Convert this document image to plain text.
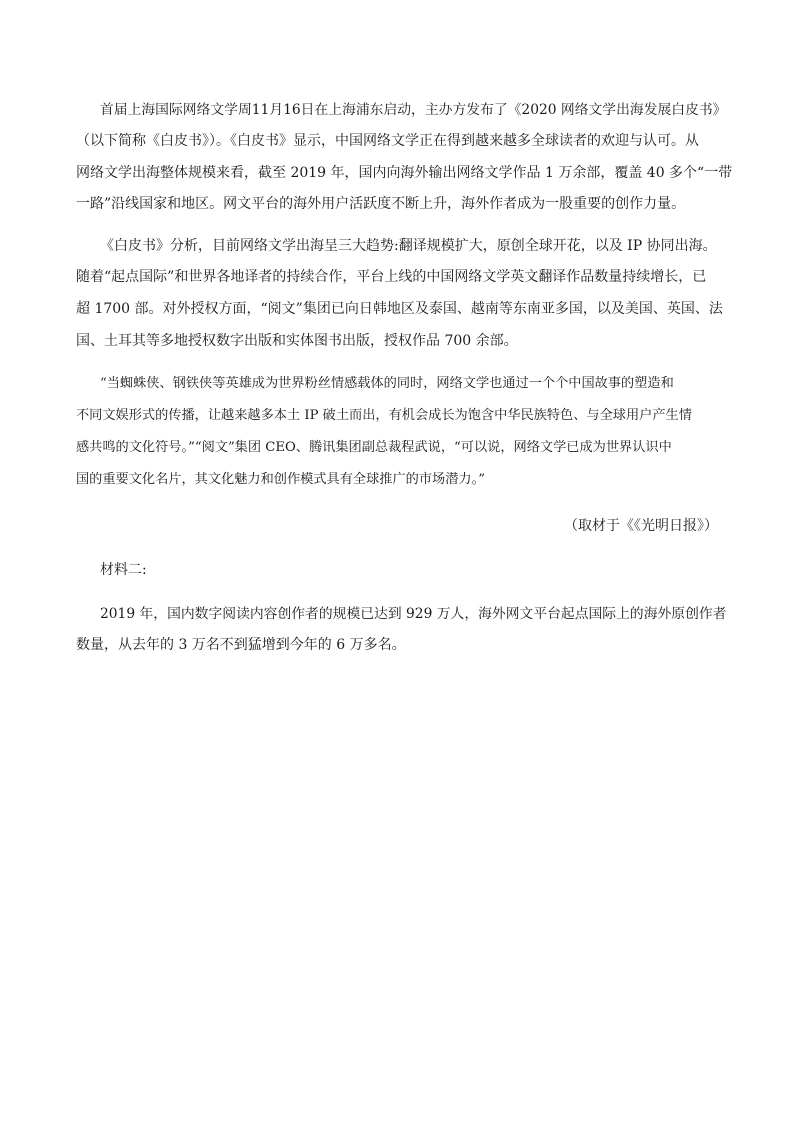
首届上海国际网络文学周11月16日在上海浦东启动，主办方发布了《2020 网络文学出海发展白皮书》
（以下简称《白皮书》）。《白皮书》显示，中国网络文学正在得到越来越多全球读者的欢迎与认可。从
网络文学出海整体规模来看，截至 2019 年，国内向海外输出网络文学作品 1 万余部，覆盖 40 多个“一带
一路”沿线国家和地区。网文平台的海外用户活跃度不断上升，海外作者成为一股重要的创作力量。
《白皮书》分析，目前网络文学出海呈三大趋势:翻译规模扩大，原创全球开花，以及 IP 协同出海。
随着“起点国际”和世界各地译者的持续合作，平台上线的中国网络文学英文翻译作品数量持续增长，已
超 1700 部。对外授权方面，“阅文”集团已向日韩地区及泰国、越南等东南亚多国，以及美国、英国、法
国、土耳其等多地授权数字出版和实体图书出版，授权作品 700 余部。
“当蜘蛛侠、钢铁侠等英雄成为世界粉丝情感载体的同时，网络文学也通过一个个中国故事的塑造和
不同文娱形式的传播，让越来越多本土 IP 破土而出，有机会成长为饱含中华民族特色、与全球用户产生情
感共鸣的文化符号。”“阅文”集团 CEO、腾讯集团副总裁程武说，“可以说，网络文学已成为世界认识中
国的重要文化名片，其文化魅力和创作模式具有全球推广的市场潜力。”
（取材于《《光明日报》）
材料二:
2019 年，国内数字阅读内容创作者的规模已达到 929 万人，海外网文平台起点国际上的海外原创作者
数量，从去年的 3 万名不到猛增到今年的 6 万多名。
